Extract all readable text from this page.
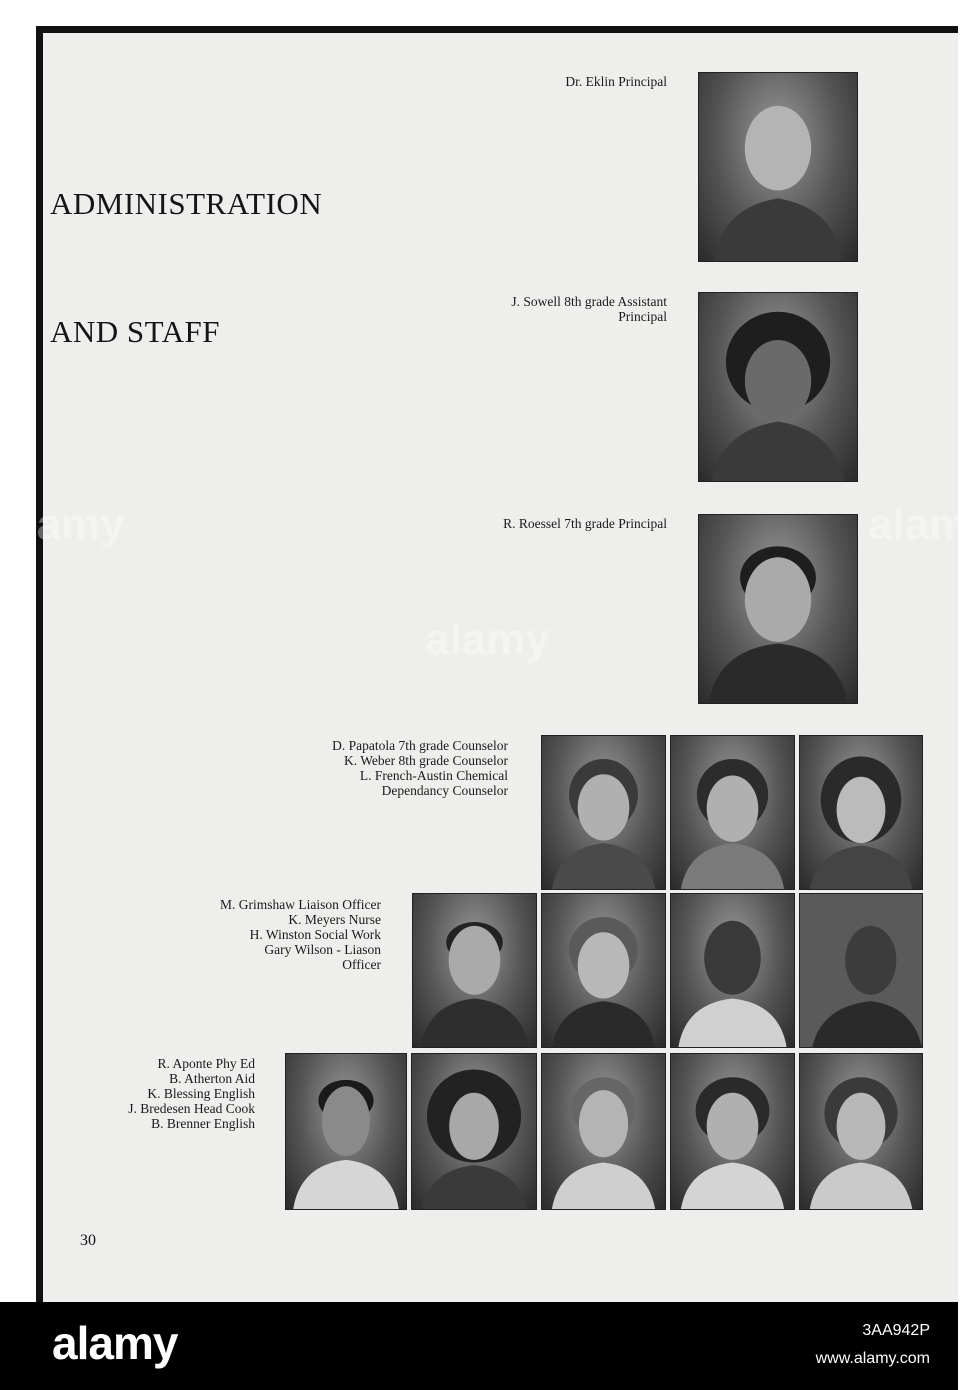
alamy
alamy
alam
ADMINISTRATION
AND STAFF
Dr. Eklin Principal
J. Sowell 8th grade Assistant
Principal
R. Roessel 7th grade Principal
D. Papatola 7th grade Counselor
K. Weber 8th grade Counselor
L. French-Austin Chemical
Dependancy Counselor
M. Grimshaw Liaison Officer
K. Meyers Nurse
H. Winston Social Work
Gary Wilson - Liason
Officer
R. Aponte Phy Ed
B. Atherton Aid
K. Blessing English
J. Bredesen Head Cook
B. Brenner English
30
alamy	3AA942P
www.alamy.com
